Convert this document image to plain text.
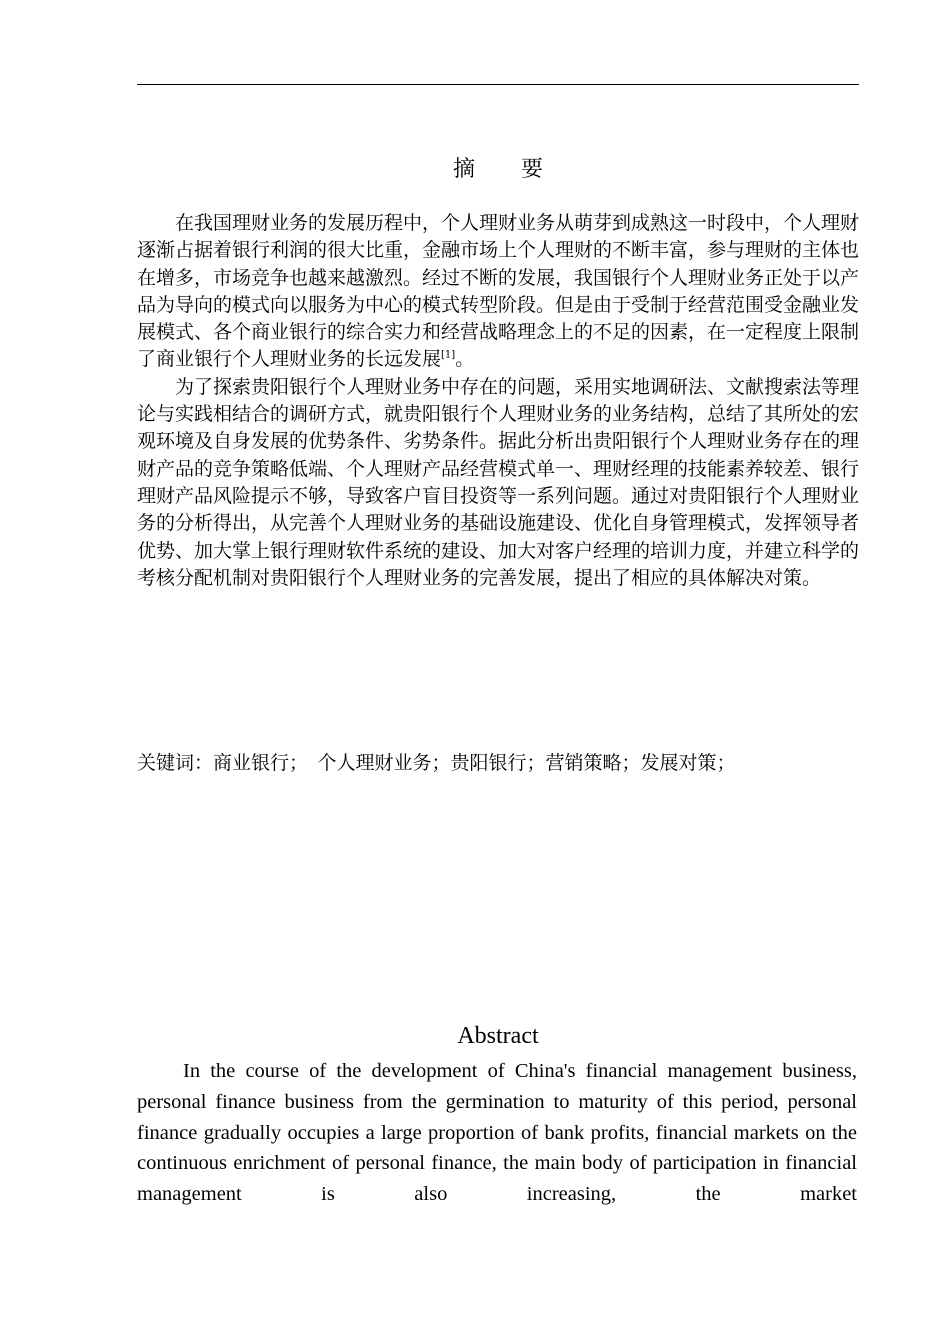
摘 要

在我国理财业务的发展历程中，个人理财业务从萌芽到成熟这一时段中，个人理财逐渐占据着银行利润的很大比重，金融市场上个人理财的不断丰富，参与理财的主体也在增多，市场竞争也越来越激烈。经过不断的发展，我国银行个人理财业务正处于以产品为导向的模式向以服务为中心的模式转型阶段。但是由于受制于经营范围受金融业发展模式、各个商业银行的综合实力和经营战略理念上的不足的因素，在一定程度上限制了商业银行个人理财业务的长远发展[1]。

为了探索贵阳银行个人理财业务中存在的问题，采用实地调研法、文献搜索法等理论与实践相结合的调研方式，就贵阳银行个人理财业务的业务结构，总结了其所处的宏观环境及自身发展的优势条件、劣势条件。据此分析出贵阳银行个人理财业务存在的理财产品的竞争策略低端、个人理财产品经营模式单一、理财经理的技能素养较差、银行理财产品风险提示不够，导致客户盲目投资等一系列问题。通过对贵阳银行个人理财业务的分析得出，从完善个人理财业务的基础设施建设、优化自身管理模式，发挥领导者优势、加大掌上银行理财软件系统的建设、加大对客户经理的培训力度，并建立科学的考核分配机制对贵阳银行个人理财业务的完善发展，提出了相应的具体解决对策。

关键词：商业银行；　个人理财业务；贵阳银行；营销策略；发展对策；
Abstract

In the course of the development of China's financial management business, personal finance business from the germination to maturity of this period, personal finance gradually occupies a large proportion of bank profits, financial markets on the continuous enrichment of personal finance, the main body of participation in financial management is also increasing, the market
